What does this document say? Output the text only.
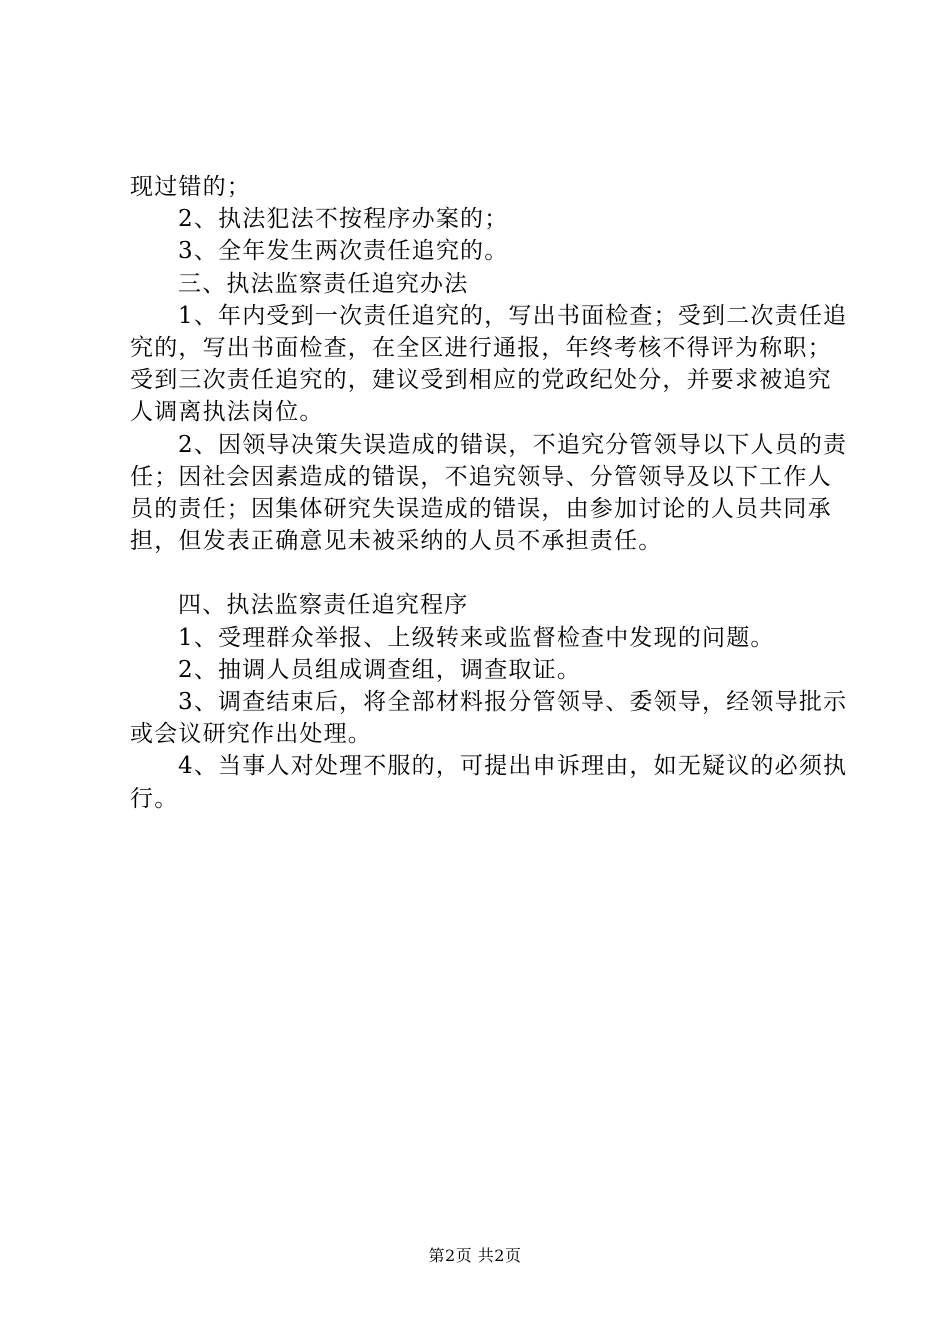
现过错的；

2、执法犯法不按程序办案的；

3、全年发生两次责任追究的。

三、执法监察责任追究办法

1、年内受到一次责任追究的，写出书面检查；受到二次责任追究的，写出书面检查，在全区进行通报，年终考核不得评为称职；受到三次责任追究的，建议受到相应的党政纪处分，并要求被追究人调离执法岗位。

2、因领导决策失误造成的错误，不追究分管领导以下人员的责任；因社会因素造成的错误，不追究领导、分管领导及以下工作人员的责任；因集体研究失误造成的错误，由参加讨论的人员共同承担，但发表正确意见未被采纳的人员不承担责任。

四、执法监察责任追究程序

1、受理群众举报、上级转来或监督检查中发现的问题。

2、抽调人员组成调查组，调查取证。

3、调查结束后，将全部材料报分管领导、委领导，经领导批示或会议研究作出处理。

4、当事人对处理不服的，可提出申诉理由，如无疑议的必须执行。

第2页 共2页
